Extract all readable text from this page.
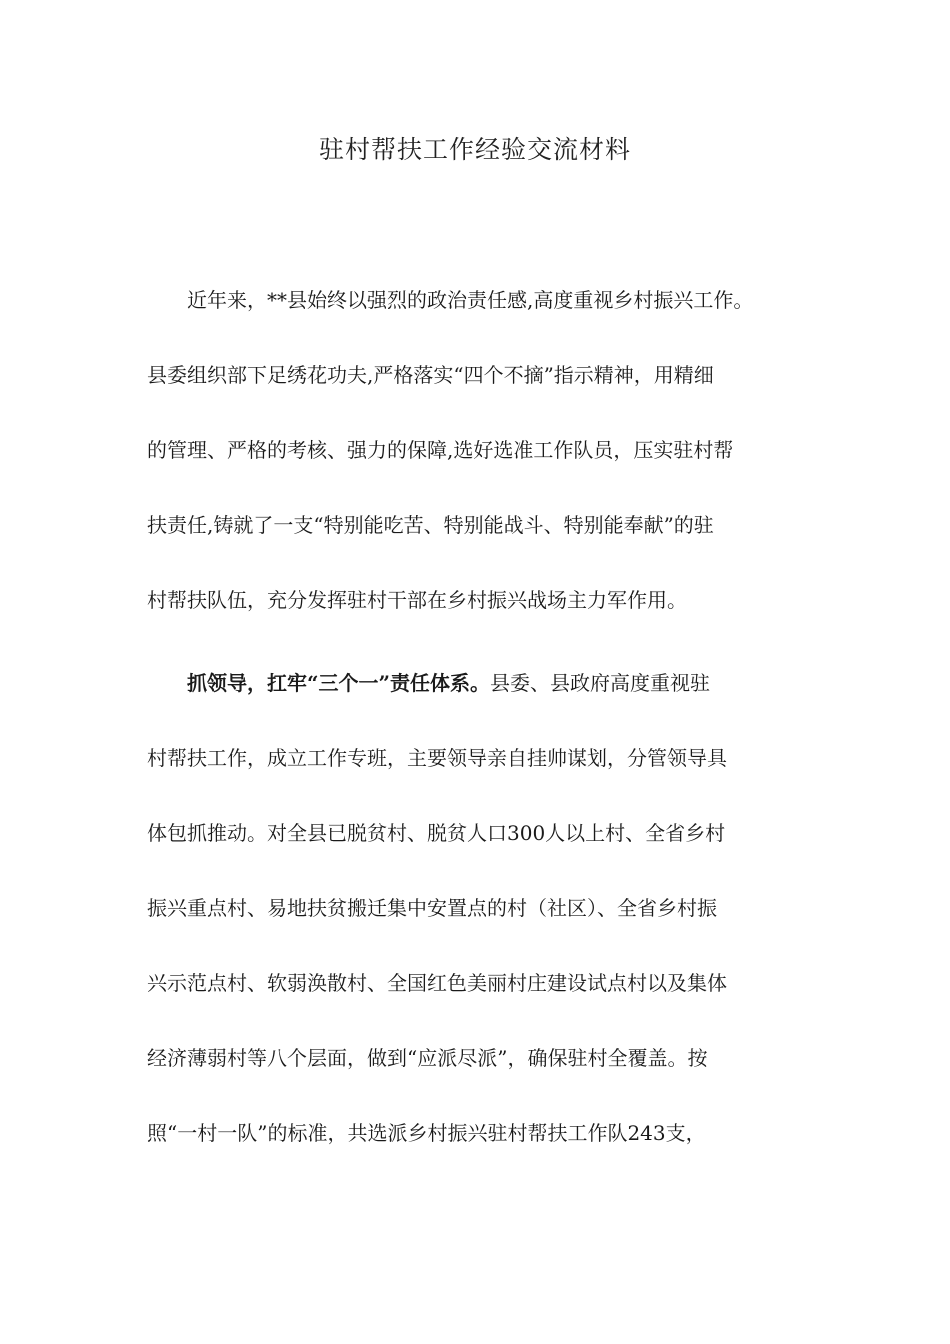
驻村帮扶工作经验交流材料
近年来，**县始终以强烈的政治责任感,高度重视乡村振兴工作。
县委组织部下足绣花功夫,严格落实“四个不摘”指示精神，用精细
的管理、严格的考核、强力的保障,选好选准工作队员，压实驻村帮
扶责任,铸就了一支“特别能吃苦、特别能战斗、特别能奉献”的驻
村帮扶队伍，充分发挥驻村干部在乡村振兴战场主力军作用。
抓领导，扛牢“三个一”责任体系。县委、县政府高度重视驻
村帮扶工作，成立工作专班，主要领导亲自挂帅谋划，分管领导具
体包抓推动。对全县已脱贫村、脱贫人口300人以上村、全省乡村
振兴重点村、易地扶贫搬迁集中安置点的村（社区）、全省乡村振
兴示范点村、软弱涣散村、全国红色美丽村庄建设试点村以及集体
经济薄弱村等八个层面，做到“应派尽派”，确保驻村全覆盖。按
照“一村一队”的标准，共选派乡村振兴驻村帮扶工作队243支，
